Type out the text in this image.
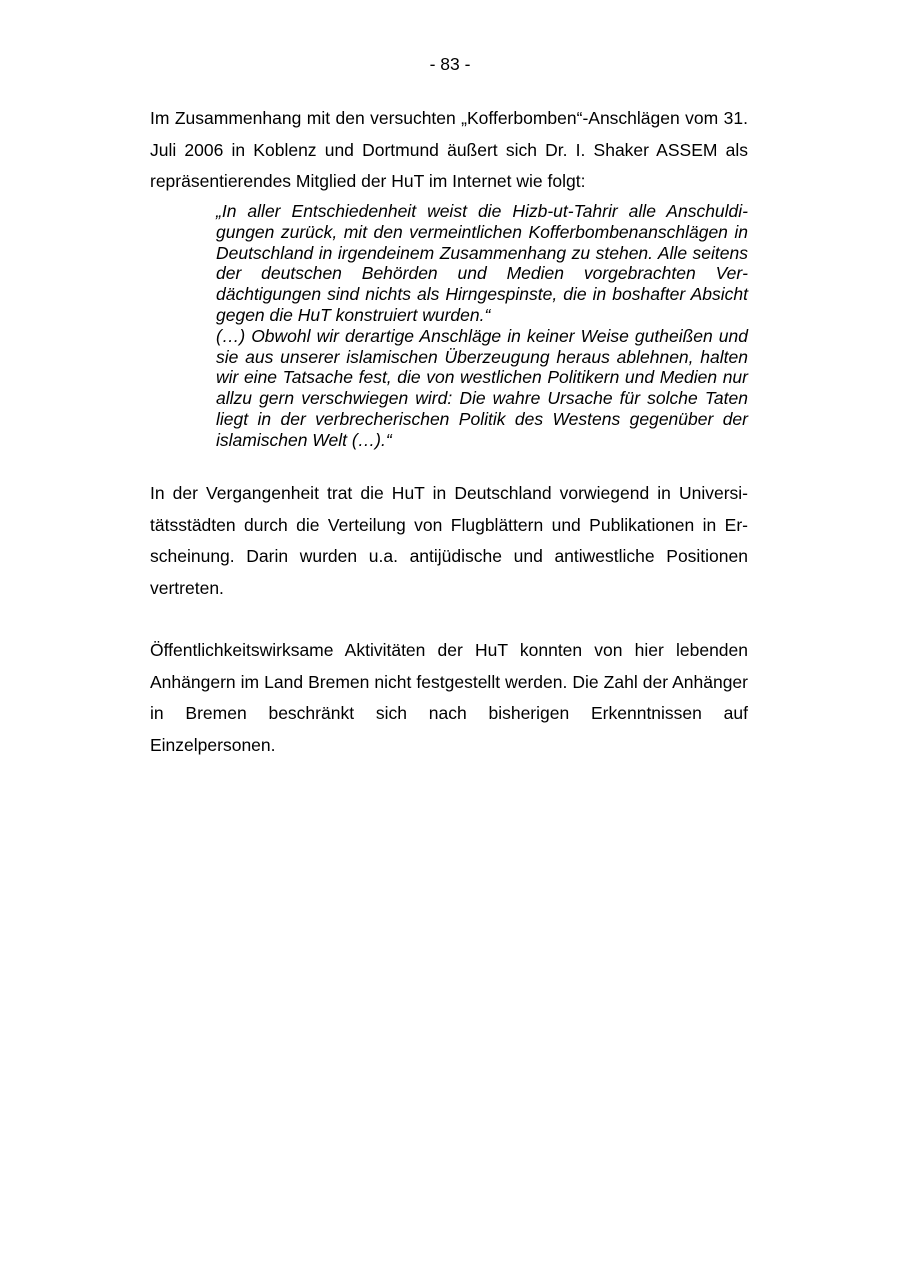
- 83 -

Im Zusammenhang mit den versuchten „Kofferbomben“-Anschlägen vom 31. Juli 2006 in Koblenz und Dortmund äußert sich Dr. I. Shaker ASSEM als repräsentierendes Mitglied der HuT im Internet wie folgt:

„In aller Entschiedenheit weist die Hizb-ut-Tahrir alle Anschuldigungen zurück, mit den vermeintlichen Kofferbombenanschlägen in Deutschland in irgendeinem Zusammenhang zu stehen. Alle seitens der deutschen Behörden und Medien vorgebrachten Verdächtigungen sind nichts als Hirngespinste, die in boshafter Absicht gegen die HuT konstruiert wurden.“

(…) Obwohl wir derartige Anschläge in keiner Weise gutheißen und sie aus unserer islamischen Überzeugung heraus ablehnen, halten wir eine Tatsache fest, die von westlichen Politikern und Medien nur allzu gern verschwiegen wird: Die wahre Ursache für solche Taten liegt in der verbrecherischen Politik des Westens gegenüber der islamischen Welt (…).“

In der Vergangenheit trat die HuT in Deutschland vorwiegend in Universitätsstädten durch die Verteilung von Flugblättern und Publikationen in Erscheinung. Darin wurden u.a. antijüdische und antiwestliche Positionen vertreten.

Öffentlichkeitswirksame Aktivitäten der HuT konnten von hier lebenden Anhängern im Land Bremen nicht festgestellt werden. Die Zahl der Anhänger in Bremen beschränkt sich nach bisherigen Erkenntnissen auf Einzelpersonen.
